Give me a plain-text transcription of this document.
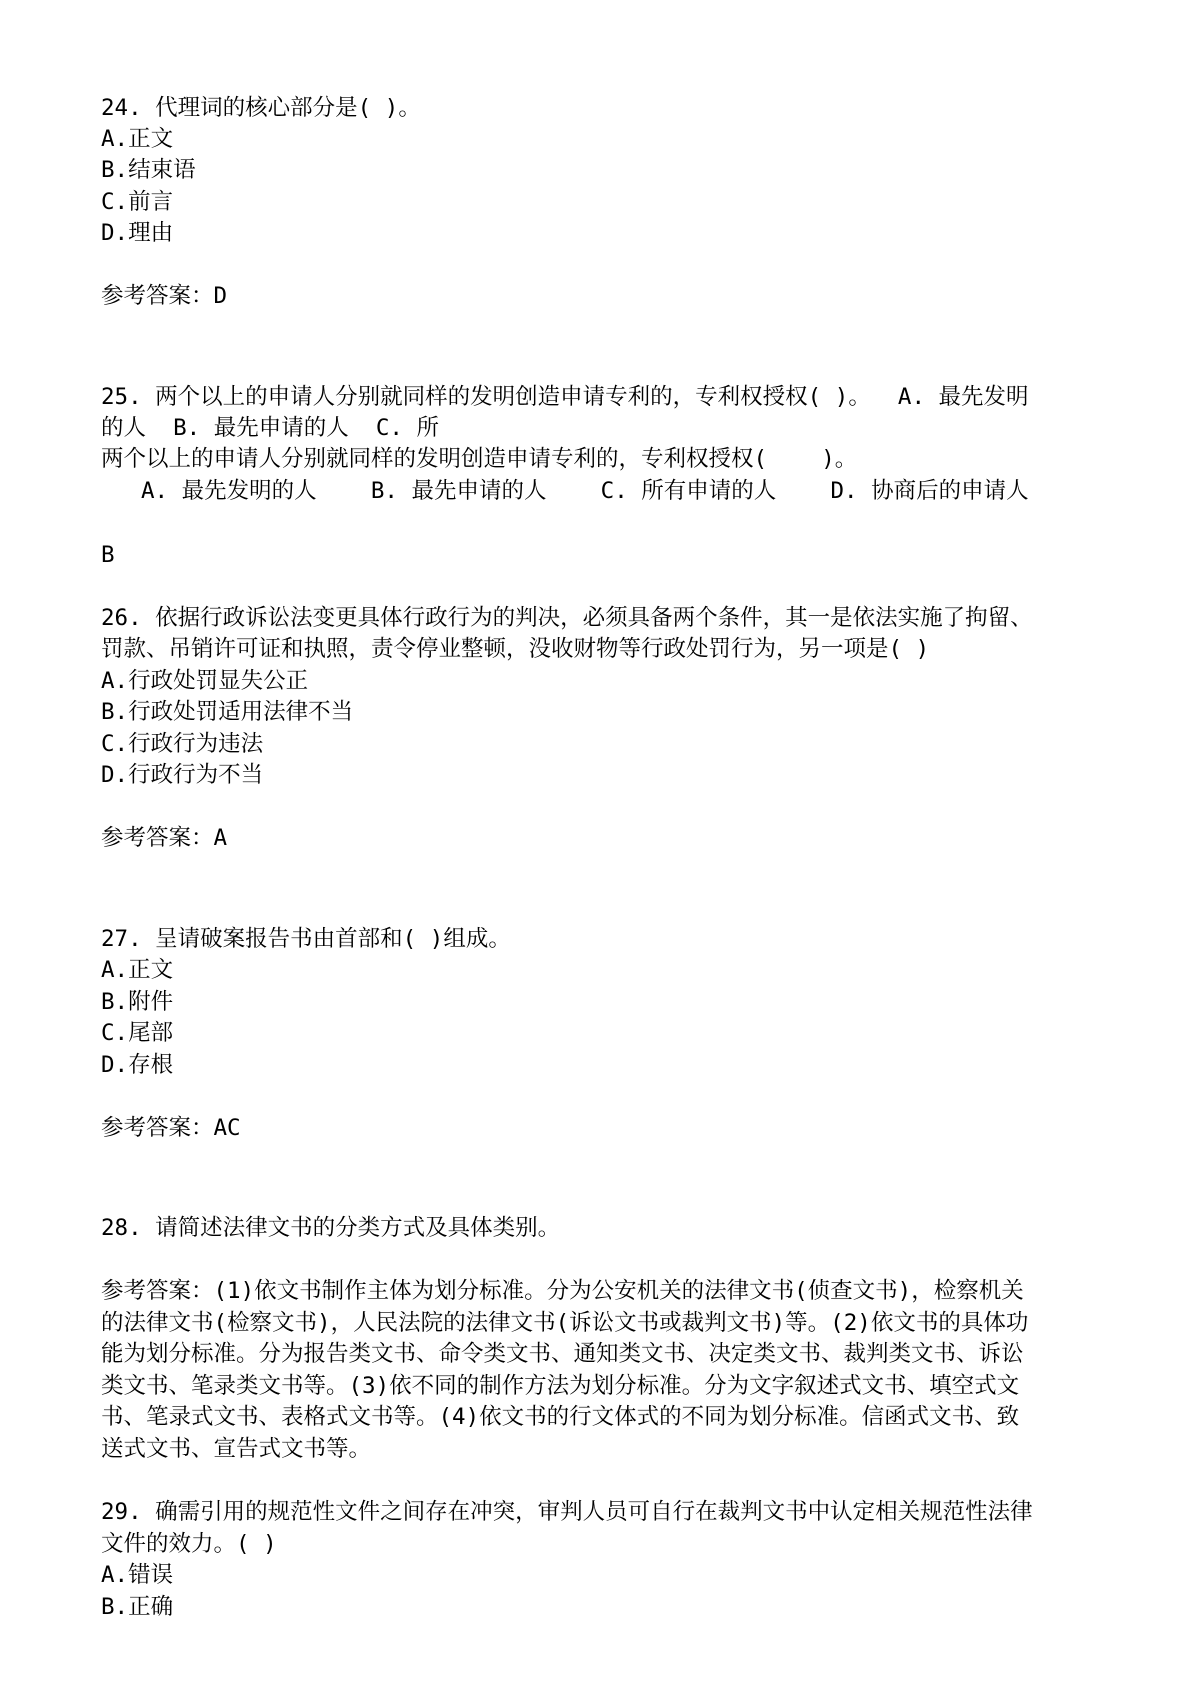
24. 代理词的核心部分是( )。
A.正文
B.结束语
C.前言
D.理由
参考答案：D
25. 两个以上的申请人分别就同样的发明创造申请专利的，专利权授权( )。  A. 最先发明
的人  B. 最先申请的人  C. 所
两个以上的申请人分别就同样的发明创造申请专利的，专利权授权(    )。
A. 最先发明的人    B. 最先申请的人    C. 所有申请的人    D. 协商后的申请人
B
26. 依据行政诉讼法变更具体行政行为的判决，必须具备两个条件，其一是依法实施了拘留、
罚款、吊销许可证和执照，责令停业整顿，没收财物等行政处罚行为，另一项是( )
A.行政处罚显失公正
B.行政处罚适用法律不当
C.行政行为违法
D.行政行为不当
参考答案：A
27. 呈请破案报告书由首部和( )组成。
A.正文
B.附件
C.尾部
D.存根
参考答案：AC
28. 请简述法律文书的分类方式及具体类别。
参考答案：(1)依文书制作主体为划分标准。分为公安机关的法律文书(侦查文书)，检察机关
的法律文书(检察文书)，人民法院的法律文书(诉讼文书或裁判文书)等。(2)依文书的具体功
能为划分标准。分为报告类文书、命令类文书、通知类文书、决定类文书、裁判类文书、诉讼
类文书、笔录类文书等。(3)依不同的制作方法为划分标准。分为文字叙述式文书、填空式文
书、笔录式文书、表格式文书等。(4)依文书的行文体式的不同为划分标准。信函式文书、致
送式文书、宣告式文书等。
29. 确需引用的规范性文件之间存在冲突，审判人员可自行在裁判文书中认定相关规范性法律
文件的效力。( )
A.错误
B.正确
